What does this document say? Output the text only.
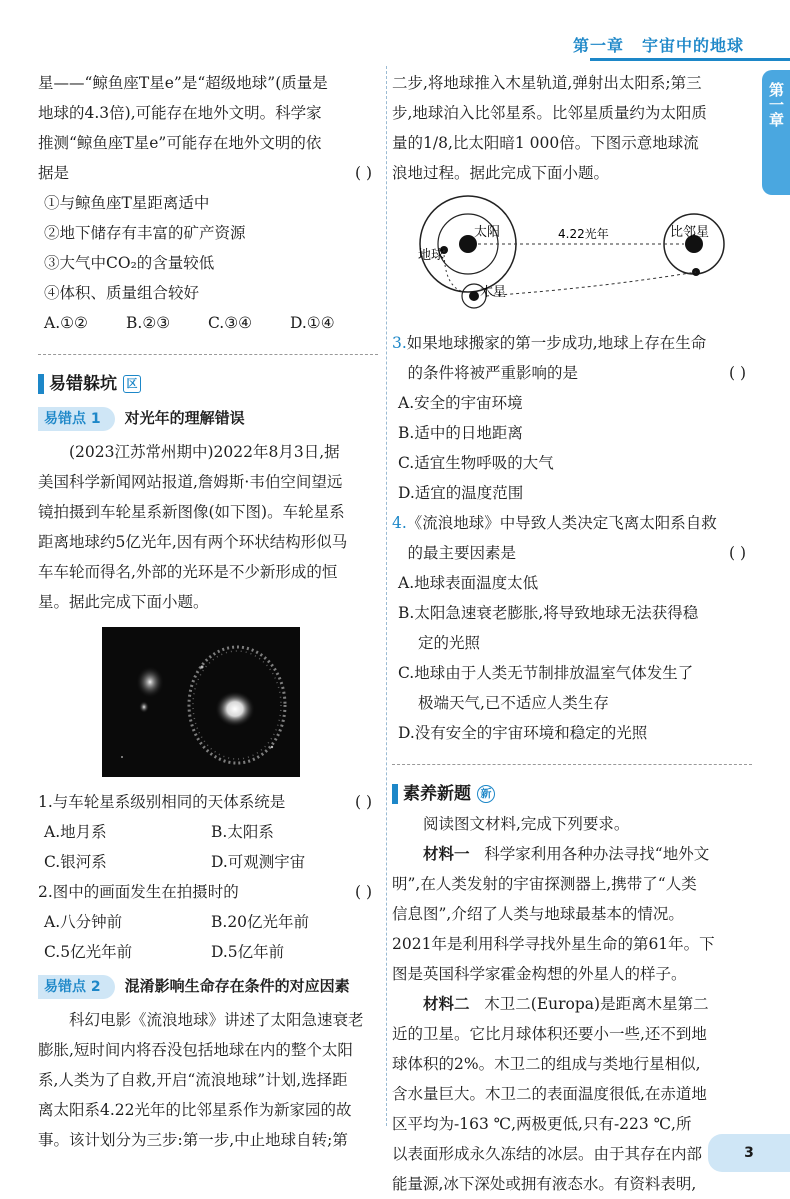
第一章 宇宙中的地球
第一章

星——“鲸鱼座T星e”是“超级地球”(质量是

地球的4.3倍),可能存在地外文明。科学家

推测“鲸鱼座T星e”可能存在地外文明的依

据是	( )

①与鲸鱼座T星距离适中

②地下储存有丰富的矿产资源

③大气中CO₂的含量较低

④体积、质量组合较好

A.①②	B.②③	C.③④	D.①④
易错躲坑 区
易错点 1 对光年的理解错误

(2023江苏常州期中)2022年8月3日,据

美国科学新闻网站报道,詹姆斯·韦伯空间望远

镜拍摄到车轮星系新图像(如下图)。车轮星系

距离地球约5亿光年,因有两个环状结构形似马

车车轮而得名,外部的光环是不少新形成的恒

星。据此完成下面小题。

1.与车轮星系级别相同的天体系统是	( )

A.地月系	B.太阳系
C.银河系	D.可观测宇宙

2.图中的画面发生在拍摄时的	( )

A.八分钟前	B.20亿光年前
C.5亿光年前	D.5亿年前
易错点 2 混淆影响生命存在条件的对应因素

科幻电影《流浪地球》讲述了太阳急速衰老

膨胀,短时间内将吞没包括地球在内的整个太阳

系,人类为了自救,开启“流浪地球”计划,选择距

离太阳系4.22光年的比邻星系作为新家园的故

事。该计划分为三步:第一步,中止地球自转;第

二步,将地球推入木星轨道,弹射出太阳系;第三

步,地球泊入比邻星系。比邻星质量约为太阳质

量的1/8,比太阳暗1 000倍。下图示意地球流

浪地过程。据此完成下面小题。

太阳
地球
木星
比邻星
4.22光年

3.如果地球搬家的第一步成功,地球上存在生命

的条件将被严重影响的是	( )

A.安全的宇宙环境

B.适中的日地距离

C.适宜生物呼吸的大气

D.适宜的温度范围

4.《流浪地球》中导致人类决定飞离太阳系自救

的最主要因素是	( )

A.地球表面温度太低

B.太阳急速衰老膨胀,将导致地球无法获得稳

定的光照

C.地球由于人类无节制排放温室气体发生了

极端天气,已不适应人类生存

D.没有安全的宇宙环境和稳定的光照

素养新题 新

阅读图文材料,完成下列要求。

材料一 科学家利用各种办法寻找“地外文

明”,在人类发射的宇宙探测器上,携带了“人类

信息图”,介绍了人类与地球最基本的情况。

2021年是利用科学寻找外星生命的第61年。下

图是英国科学家霍金构想的外星人的样子。

材料二 木卫二(Europa)是距离木星第二

近的卫星。它比月球体积还要小一些,还不到地

球体积的2%。木卫二的组成与类地行星相似,

含水量巨大。木卫二的表面温度很低,在赤道地

区平均为-163 ℃,两极更低,只有-223 ℃,所

以表面形成永久冻结的冰层。由于其存在内部

能量源,冰下深处或拥有液态水。有资料表明,

3
